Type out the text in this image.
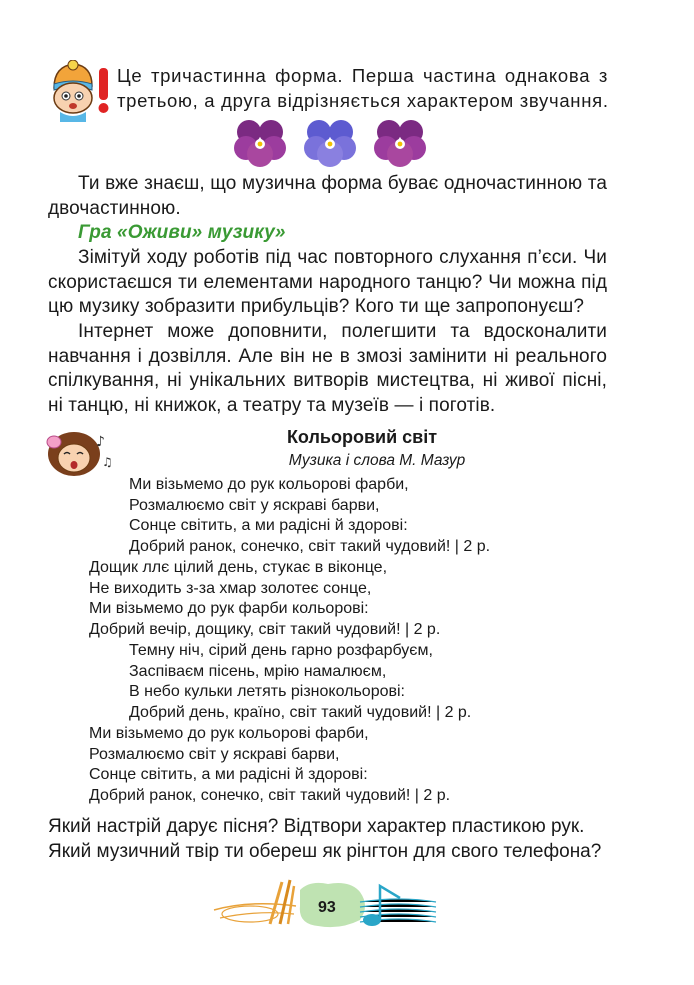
Це тричастинна форма. Перша частина однакова з
третьою, а друга відрізняється характером звучання.
Ти вже знаєш, що музична форма буває одночастинною та
двочастинною.
Гра «Оживи» музику»
Зімітуй ходу роботів під час повторного слухання п’єси. Чи
скористаєшся ти елементами народного танцю? Чи можна під
цю музику зобразити прибульців? Кого ти ще запропонуєш?
Інтернет може доповнити, полегшити та вдосконалити
навчання і дозвілля. Але він не в змозі замінити ні реального
спілкування, ні унікальних витворів мистецтва, ні живої пісні,
ні танцю, ні книжок, а театру та музеїв — і поготів.
♪
♫
Кольоровий світ
Музика і слова М. Мазур
Ми візьмемо до рук кольорові фарби,
Розмалюємо світ у яскраві барви,
Сонце світить, а ми радісні й здорові:
Добрий ранок, сонечко, світ такий чудовий! | 2 р.
Дощик ллє цілий день, стукає в віконце,
Не виходить з-за хмар золотеє сонце,
Ми візьмемо до рук фарби кольорові:
Добрий вечір, дощику, світ такий чудовий! | 2 р.
Темну ніч, сірий день гарно розфарбуєм,
Заспіваєм пісень, мрію намалюєм,
В небо кульки летять різнокольорові:
Добрий день, країно, світ такий чудовий! | 2 р.
Ми візьмемо до рук кольорові фарби,
Розмалюємо світ у яскраві барви,
Сонце світить, а ми радісні й здорові:
Добрий ранок, сонечко, світ такий чудовий! | 2 р.
Який настрій дарує пісня? Відтвори характер пластикою рук.
Який музичний твір ти обереш як рінгтон для свого телефона?
93
